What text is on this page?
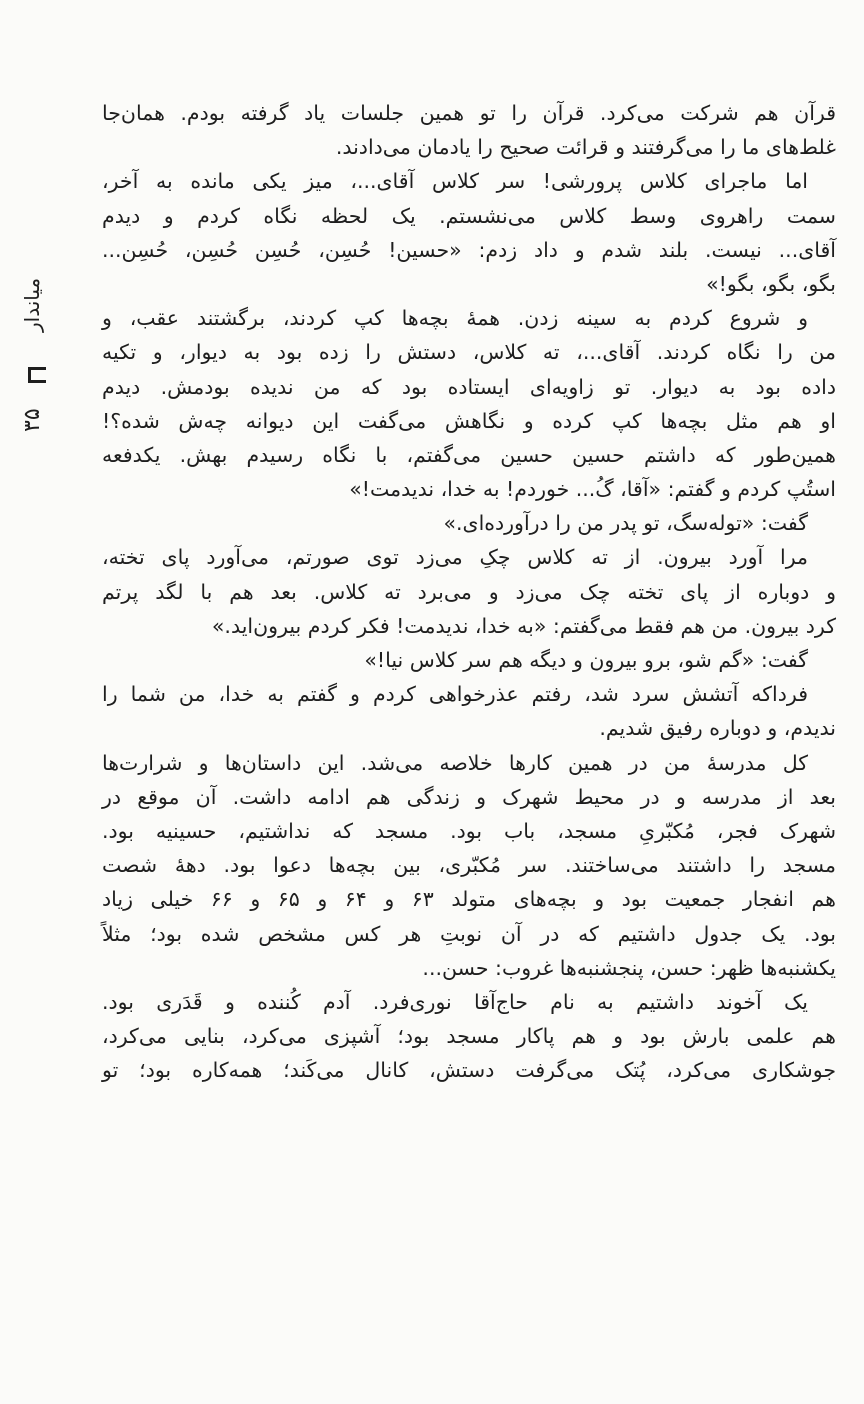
میاندار
۳۵
قرآن هم شرکت می‌کرد. قرآن را تو همین جلسات یاد گرفته بودم. همان‌جا
غلط‌های ما را می‌گرفتند و قرائت صحیح را یادمان می‌دادند.
اما ماجرای کلاس پرورشی! سر کلاس آقای...، میز یکی مانده به آخر،
سمت راهروی وسط کلاس می‌نشستم. یک لحظه نگاه کردم و دیدم
آقای... نیست. بلند شدم و داد زدم: «حسین! حُسِن، حُسِن حُسِن، حُسِن...
بگو، بگو، بگو!»
و شروع کردم به سینه زدن. همهٔ بچه‌ها کپ کردند، برگشتند عقب، و
من را نگاه کردند. آقای...، ته کلاس، دستش را زده بود به دیوار، و تکیه
داده بود به دیوار. تو زاویه‌ای ایستاده بود که من ندیده بودمش. دیدم
او هم مثل بچه‌ها کپ کرده و نگاهش می‌گفت این دیوانه چه‌ش شده؟!
همین‌طور که داشتم حسین حسین می‌گفتم، با نگاه رسیدم بهش. یکدفعه
استُپ کردم و گفتم: «آقا، گُ... خوردم! به خدا، ندیدمت!»
گفت: «توله‌سگ، تو پدر من را درآورده‌ای.»
مرا آورد بیرون. از ته کلاس چکِ می‌زد توی صورتم، می‌آورد پای تخته،
و دوباره از پای تخته چک می‌زد و می‌برد ته کلاس. بعد هم با لگد پرتم
کرد بیرون. من هم فقط می‌گفتم: «به خدا، ندیدمت! فکر کردم بیرون‌اید.»
گفت: «گم شو، برو بیرون و دیگه هم سر کلاس نیا!»
فرداکه آتشش سرد شد، رفتم عذرخواهی کردم و گفتم به خدا، من شما را
ندیدم، و دوباره رفیق شدیم.
کل مدرسهٔ من در همین کارها خلاصه می‌شد. این داستان‌ها و شرارت‌ها
بعد از مدرسه و در محیط شهرک و زندگی هم ادامه داشت. آن موقع در
شهرک فجر، مُکبّریِ مسجد، باب بود. مسجد که نداشتیم، حسینیه بود.
مسجد را داشتند می‌ساختند. سر مُکبّری، بین بچه‌ها دعوا بود. دههٔ شصت
هم انفجار جمعیت بود و بچه‌های متولد ۶۳ و ۶۴ و ۶۵ و ۶۶ خیلی زیاد
بود. یک جدول داشتیم که در آن نوبتِ هر کس مشخص شده بود؛ مثلاً
یکشنبه‌ها ظهر: حسن، پنجشنبه‌ها غروب: حسن...
یک آخوند داشتیم به نام حاج‌آقا نوری‌فرد. آدم کُننده و قَدَری بود.
هم علمی بارش بود و هم پاکار مسجد بود؛ آشپزی می‌کرد، بنایی می‌کرد،
جوشکاری می‌کرد، پُتک می‌گرفت دستش، کانال می‌کَند؛ همه‌کاره بود؛ تو
